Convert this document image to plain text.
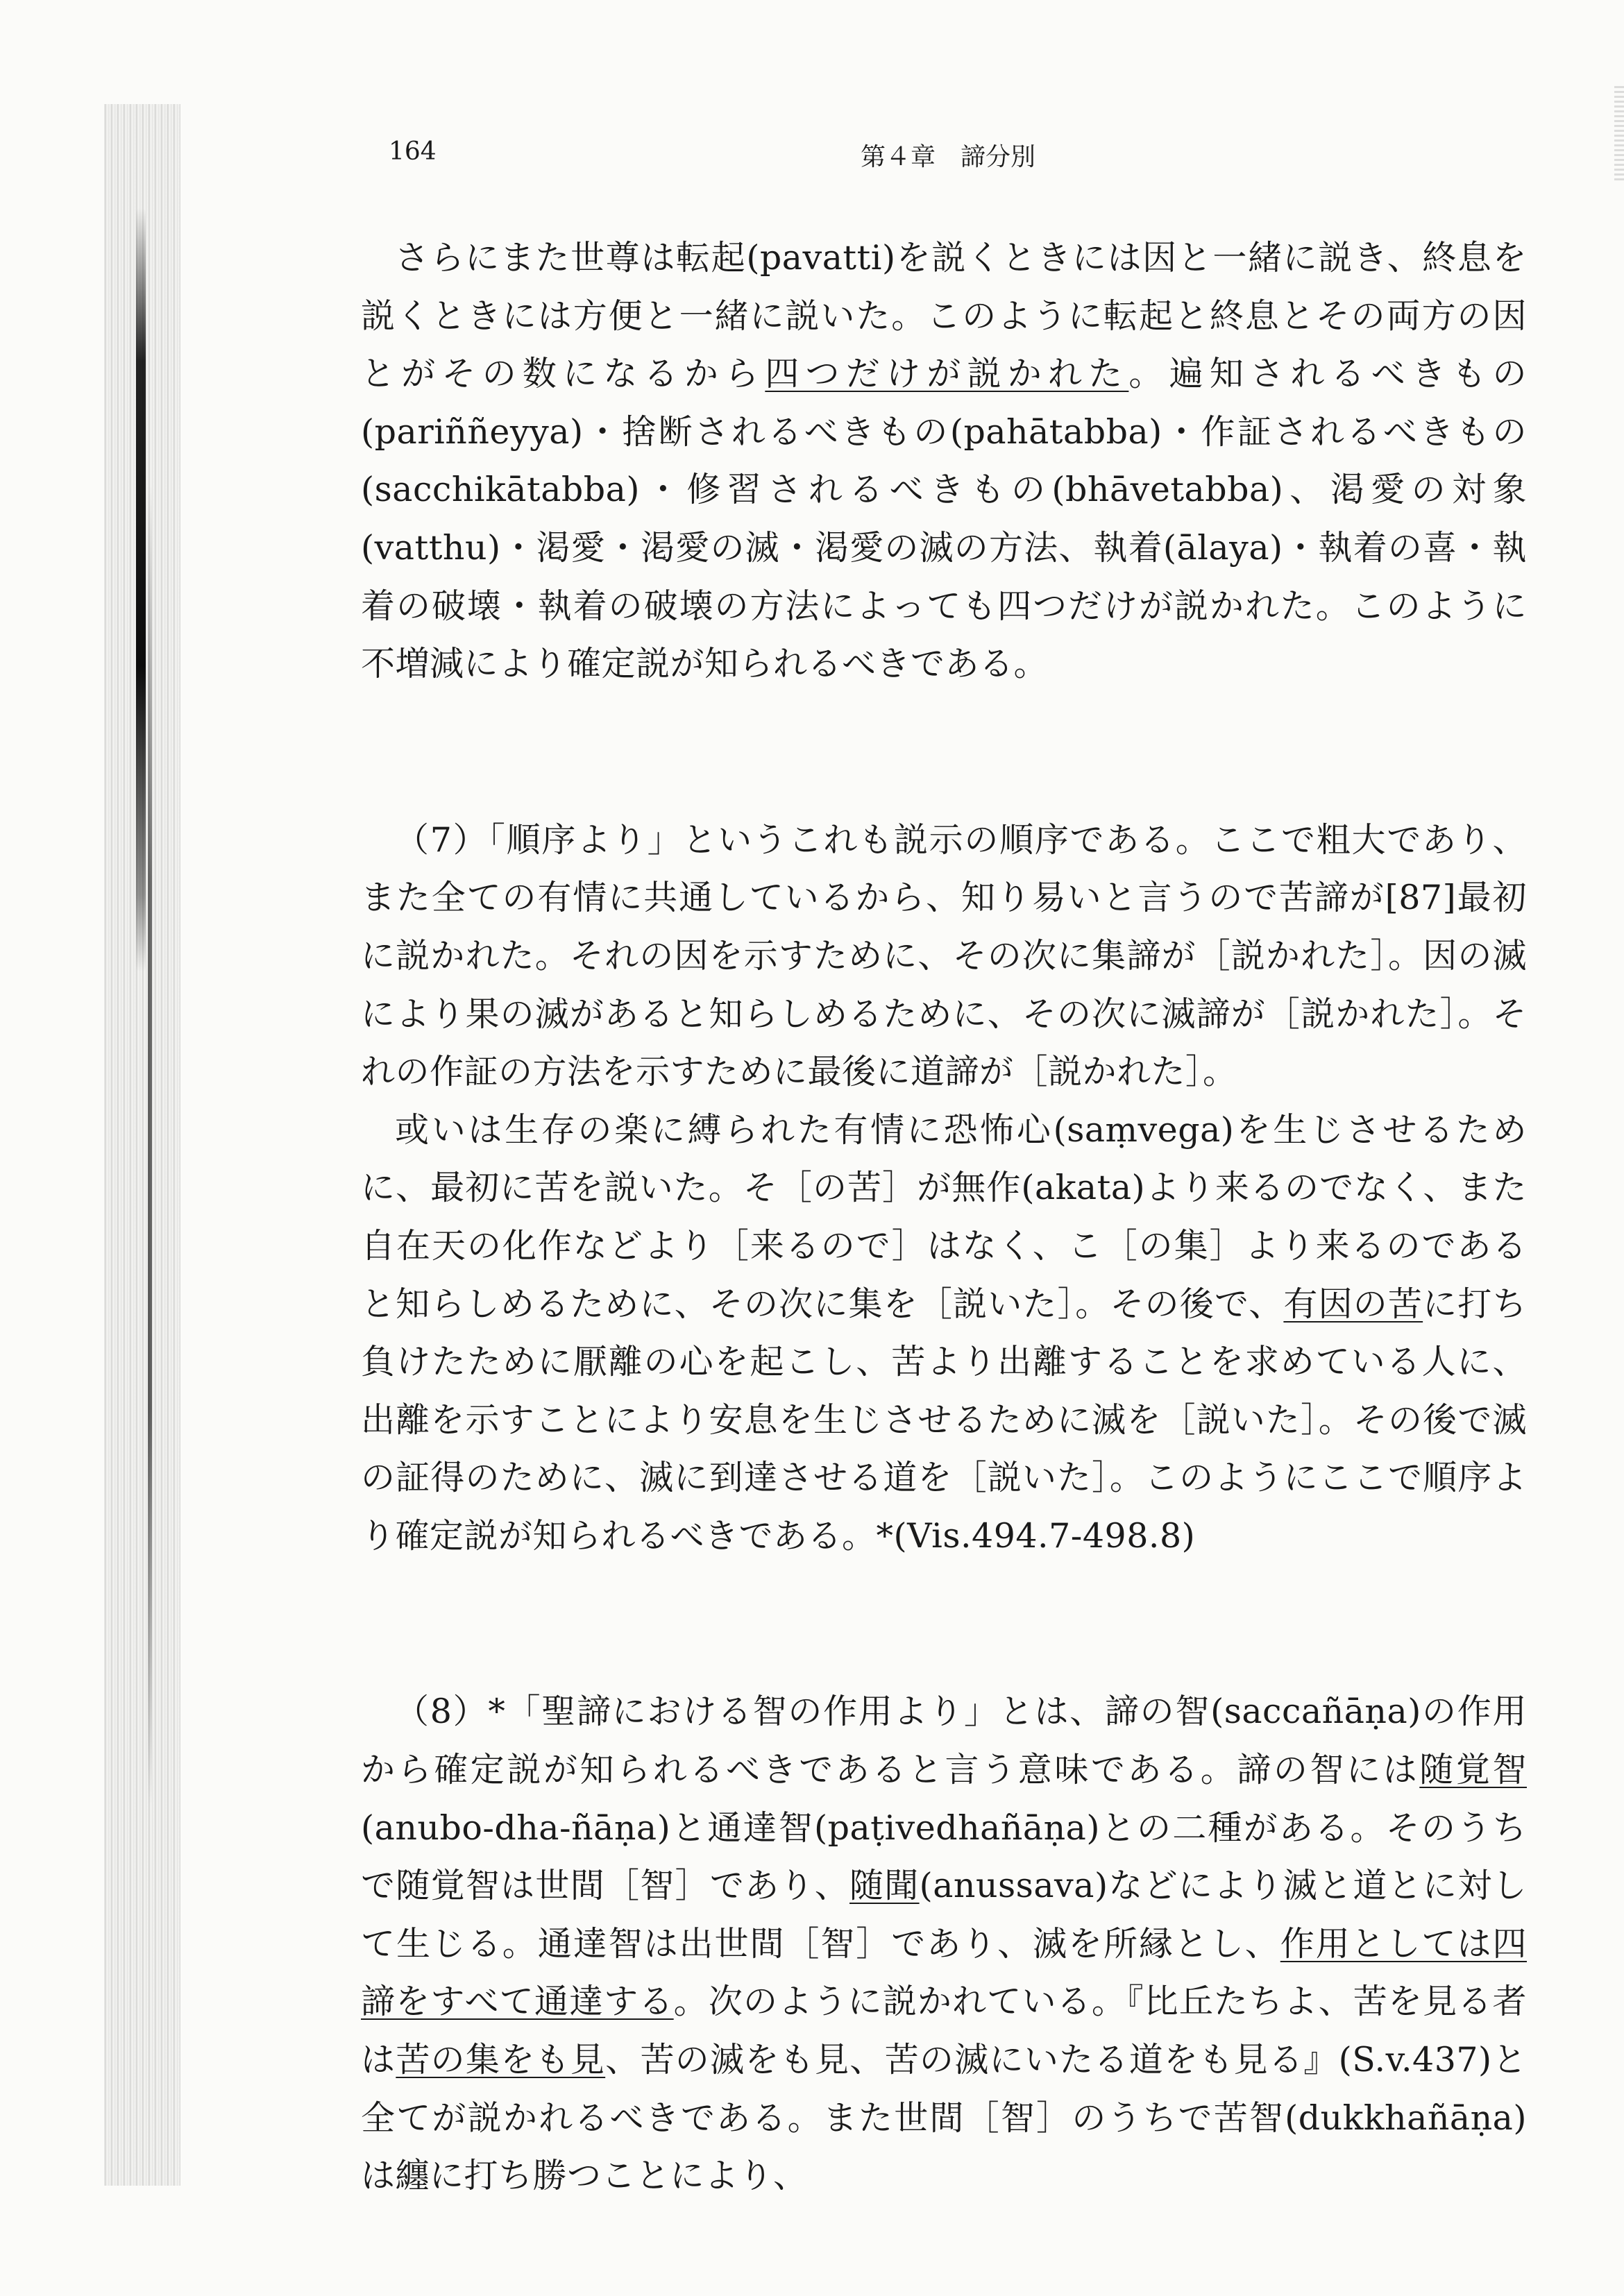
164	第４章　諦分別

さらにまた世尊は転起(pavatti)を説くときには因と一緒に説き、終息を説くときには方便と一緒に説いた。このように転起と終息とその両方の因とがその数になるから四つだけが説かれた。遍知されるべきもの(pariññeyya)・捨断されるべきもの(pahātabba)・作証されるべきもの(sacchikātabba)・修習されるべきもの(bhāvetabba)、渇愛の対象(vatthu)・渇愛・渇愛の滅・渇愛の滅の方法、執着(ālaya)・執着の喜・執着の破壊・執着の破壊の方法によっても四つだけが説かれた。このように不増減により確定説が知られるべきである。

（7）「順序より」というこれも説示の順序である。ここで粗大であり、また全ての有情に共通しているから、知り易いと言うので苦諦が[87]最初に説かれた。それの因を示すために、その次に集諦が［説かれた］。因の滅により果の滅があると知らしめるために、その次に滅諦が［説かれた］。それの作証の方法を示すために最後に道諦が［説かれた］。

或いは生存の楽に縛られた有情に恐怖心(saṃvega)を生じさせるために、最初に苦を説いた。そ［の苦］が無作(akata)より来るのでなく、また自在天の化作などより［来るので］はなく、こ［の集］より来るのであると知らしめるために、その次に集を［説いた］。その後で、有因の苦に打ち負けたために厭離の心を起こし、苦より出離することを求めている人に、出離を示すことにより安息を生じさせるために滅を［説いた］。その後で滅の証得のために、滅に到達させる道を［説いた］。このようにここで順序より確定説が知られるべきである。*(Vis.494.7-498.8)

（8）*「聖諦における智の作用より」とは、諦の智(saccañāṇa)の作用から確定説が知られるべきであると言う意味である。諦の智には随覚智(anubo-dha-ñāṇa)と通達智(paṭivedhañāṇa)との二種がある。そのうちで随覚智は世間［智］であり、随聞(anussava)などにより滅と道とに対して生じる。通達智は出世間［智］であり、滅を所縁とし、作用としては四諦をすべて通達する。次のように説かれている。『比丘たちよ、苦を見る者は苦の集をも見、苦の滅をも見、苦の滅にいたる道をも見る』(S.v.437)と全てが説かれるべきである。また世間［智］のうちで苦智(dukkhañāṇa)は纏に打ち勝つことにより、
